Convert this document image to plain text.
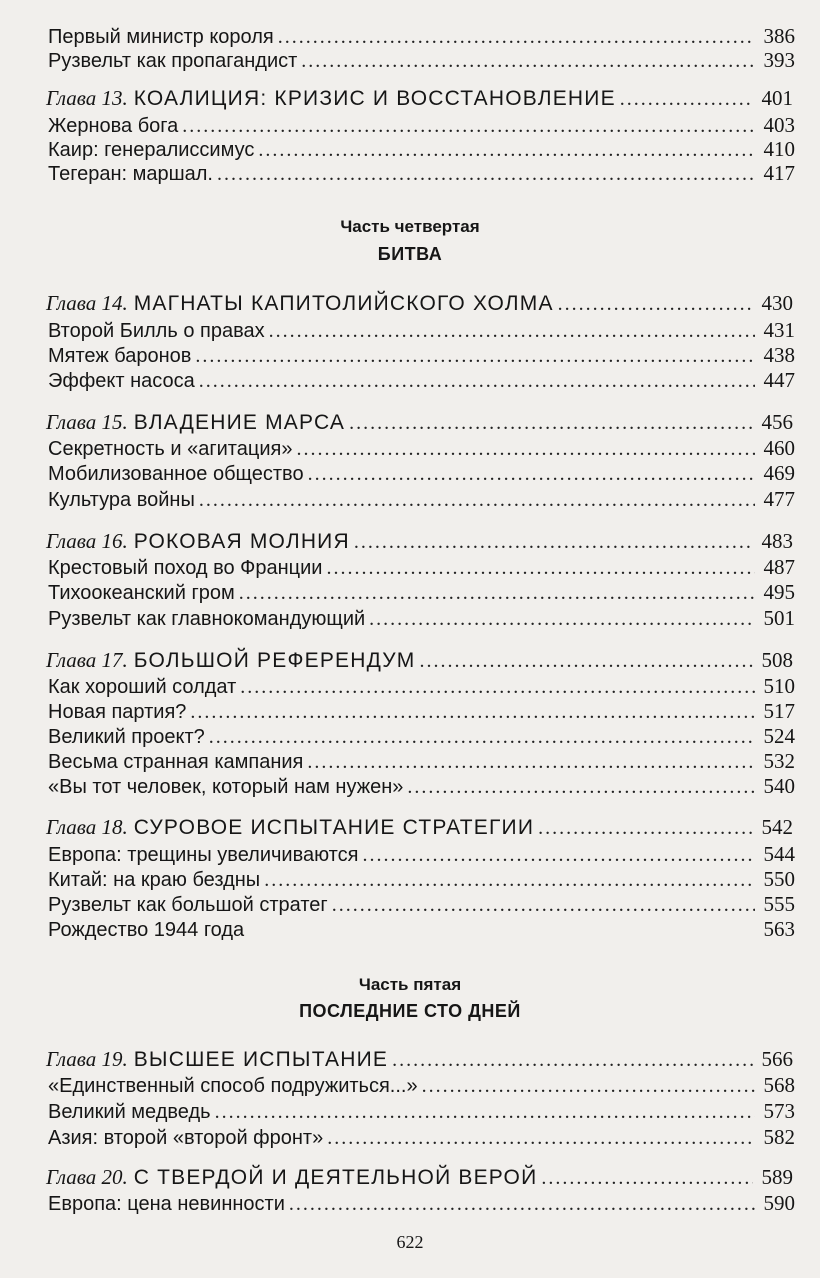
Первый министр короля .....	386
Рузвельт как пропагандист .....	393
Глава 13. КОАЛИЦИЯ: КРИЗИС И ВОССТАНОВЛЕНИЕ .....	401
Жернова бога .....	403
Каир: генералиссимус .....	410
Тегеран: маршал. .....	417
Часть четвертая
БИТВА
Глава 14. МАГНАТЫ КАПИТОЛИЙСКОГО ХОЛМА .....	430
Второй Билль о правах .....	431
Мятеж баронов .....	438
Эффект насоса .....	447
Глава 15. ВЛАДЕНИЕ МАРСА .....	456
Секретность и «агитация» .....	460
Мобилизованное общество .....	469
Культура войны .....	477
Глава 16. РОКОВАЯ МОЛНИЯ .....	483
Крестовый поход во Франции .....	487
Тихоокеанский гром .....	495
Рузвельт как главнокомандующий .....	501
Глава 17. БОЛЬШОЙ РЕФЕРЕНДУМ .....	508
Как хороший солдат .....	510
Новая партия? .....	517
Великий проект? .....	524
Весьма странная кампания .....	532
«Вы тот человек, который нам нужен» .....	540
Глава 18. СУРОВОЕ ИСПЫТАНИЕ СТРАТЕГИИ .....	542
Европа: трещины увеличиваются .....	544
Китай: на краю бездны .....	550
Рузвельт как большой стратег .....	555
Рождество 1944 года	563
Часть пятая
ПОСЛЕДНИЕ СТО ДНЕЙ
Глава 19. ВЫСШЕЕ ИСПЫТАНИЕ .....	566
«Единственный способ подружиться...» .....	568
Великий медведь .....	573
Азия: второй «второй фронт» .....	582
Глава 20. С ТВЕРДОЙ И ДЕЯТЕЛЬНОЙ ВЕРОЙ .....	589
Европа: цена невинности .....	590
622
